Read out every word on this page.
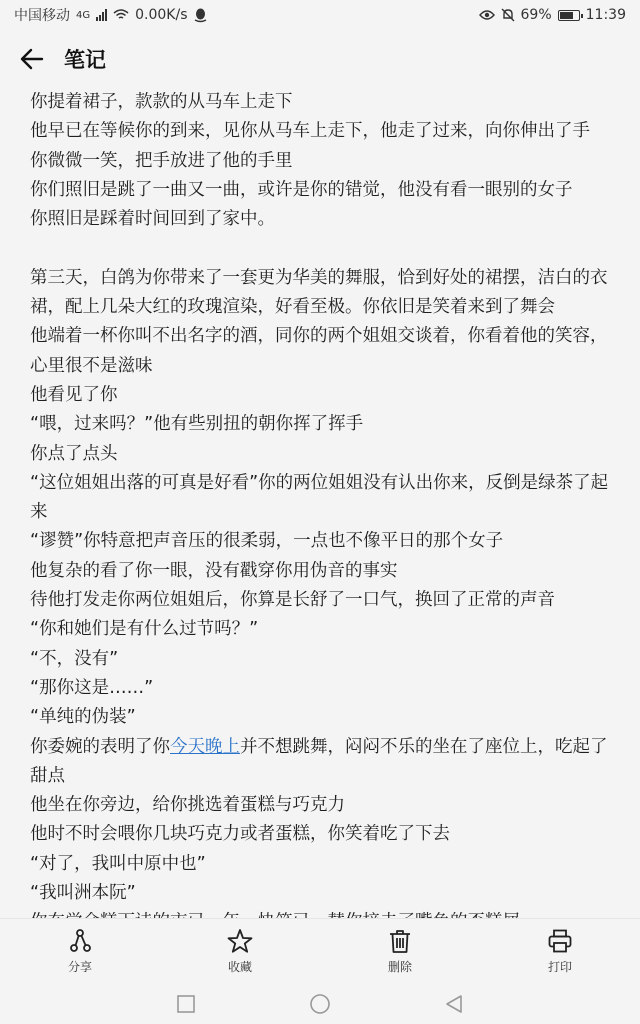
中国移动 4G	0.00K/s	69% 11:39
笔记
你提着裙子，款款的从马车上走下
他早已在等候你的到来，见你从马车上走下，他走了过来，向你伸出了手
你微微一笑，把手放进了他的手里
你们照旧是跳了一曲又一曲，或许是你的错觉，他没有看一眼别的女子
你照旧是踩着时间回到了家中。
第三天，白鸽为你带来了一套更为华美的舞服，恰到好处的裙摆，洁白的衣裙，配上几朵大红的玫瑰渲染，好看至极。你依旧是笑着来到了舞会
他端着一杯你叫不出名字的酒，同你的两个姐姐交谈着，你看着他的笑容，心里很不是滋味
他看见了你
“喂，过来吗？”他有些别扭的朝你挥了挥手
你点了点头
“这位姐姐出落的可真是好看”你的两位姐姐没有认出你来，反倒是绿茶了起来
“谬赞”你特意把声音压的很柔弱，一点也不像平日的那个女子
他复杂的看了你一眼，没有戳穿你用伪音的事实
待他打发走你两位姐姐后，你算是长舒了一口气，换回了正常的声音
“你和她们是有什么过节吗？”
“不，没有”
“那你这是……”
“单纯的伪装”
你委婉的表明了你今天晚上并不想跳舞，闷闷不乐的坐在了座位上，吃起了甜点
他坐在你旁边，给你挑选着蛋糕与巧克力
他时不时会喂你几块巧克力或者蛋糕，你笑着吃了下去
“对了，我叫中原中也”
“我叫洲本阮”
分享	收藏	删除	打印
